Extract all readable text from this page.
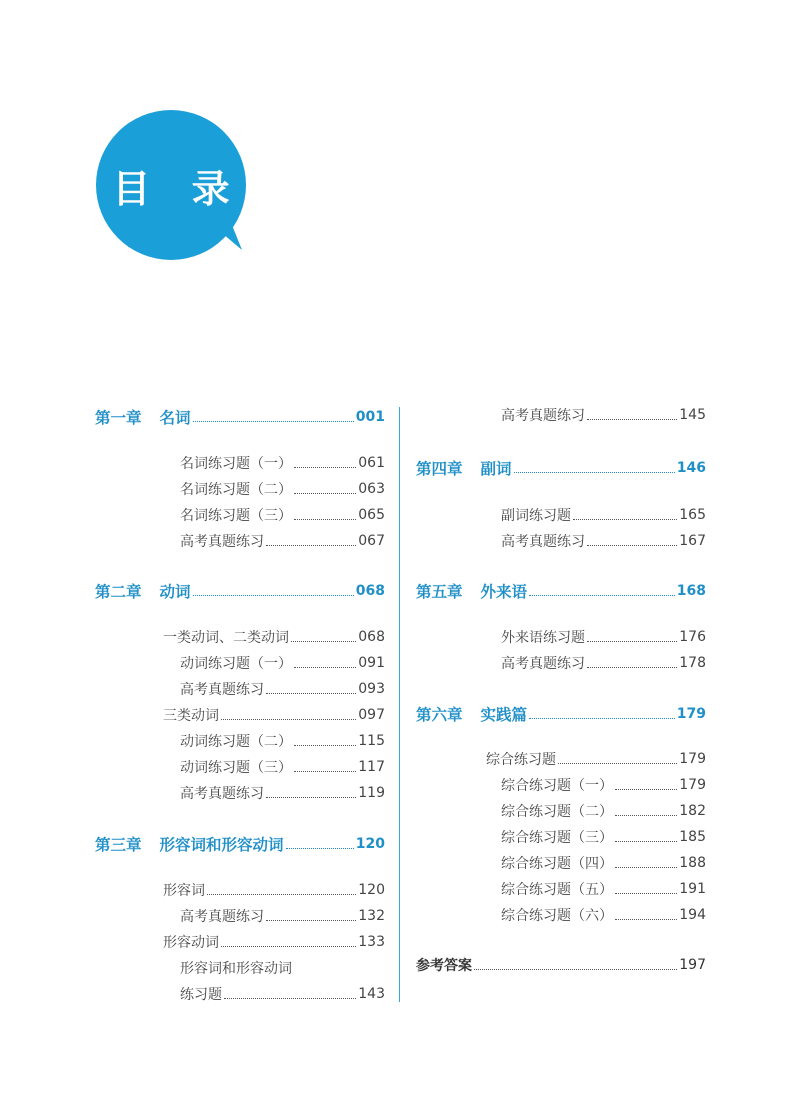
目 录
第一章 名词	001
名词练习题（一）	061
名词练习题（二）	063
名词练习题（三）	065
高考真题练习	067
第二章 动词	068
一类动词、二类动词	068
动词练习题（一）	091
高考真题练习	093
三类动词	097
动词练习题（二）	115
动词练习题（三）	117
高考真题练习	119
第三章 形容词和形容动词	120
形容词	120
高考真题练习	132
形容动词	133
形容词和形容动词
练习题	143
高考真题练习	145
第四章 副词	146
副词练习题	165
高考真题练习	167
第五章 外来语	168
外来语练习题	176
高考真题练习	178
第六章 实践篇	179
综合练习题	179
综合练习题（一）	179
综合练习题（二）	182
综合练习题（三）	185
综合练习题（四）	188
综合练习题（五）	191
综合练习题（六）	194
参考答案	197
